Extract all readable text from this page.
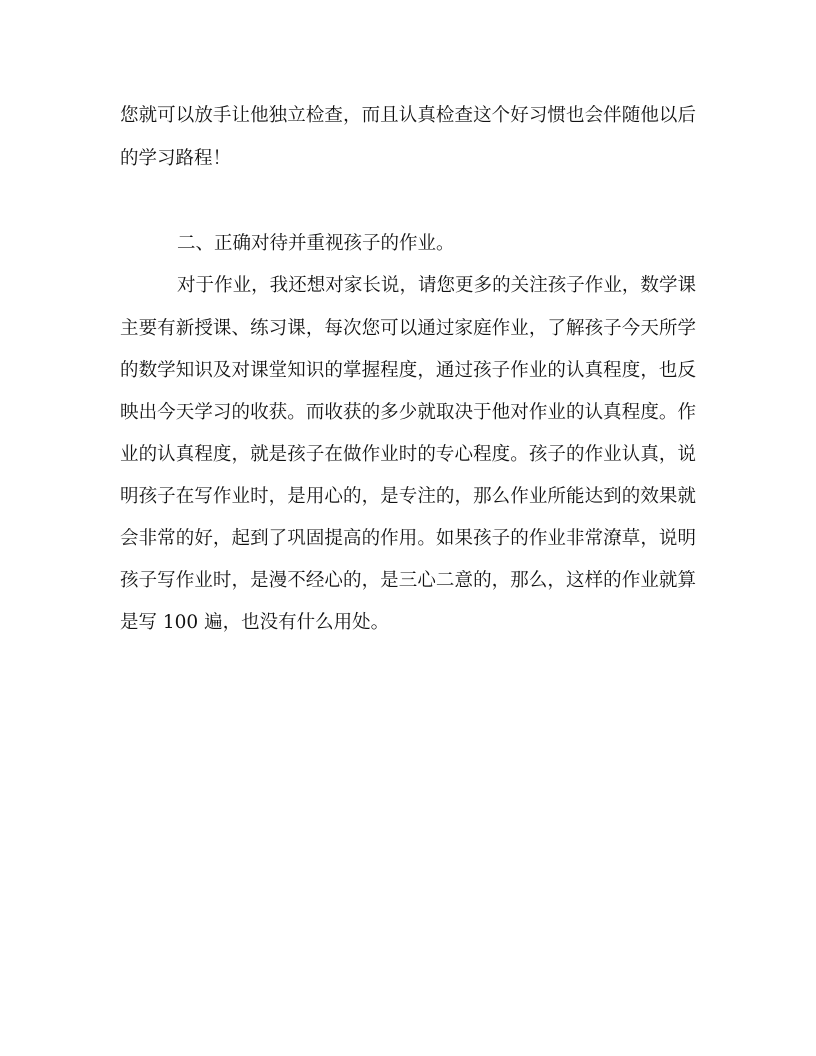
您就可以放手让他独立检查，而且认真检查这个好习惯也会伴随他以后
的学习路程！
二、正确对待并重视孩子的作业。
对于作业，我还想对家长说，请您更多的关注孩子作业，数学课
主要有新授课、练习课，每次您可以通过家庭作业，了解孩子今天所学
的数学知识及对课堂知识的掌握程度，通过孩子作业的认真程度，也反
映出今天学习的收获。而收获的多少就取决于他对作业的认真程度。作
业的认真程度，就是孩子在做作业时的专心程度。孩子的作业认真，说
明孩子在写作业时，是用心的，是专注的，那么作业所能达到的效果就
会非常的好，起到了巩固提高的作用。如果孩子的作业非常潦草，说明
孩子写作业时，是漫不经心的，是三心二意的，那么，这样的作业就算
是写 100 遍，也没有什么用处。
